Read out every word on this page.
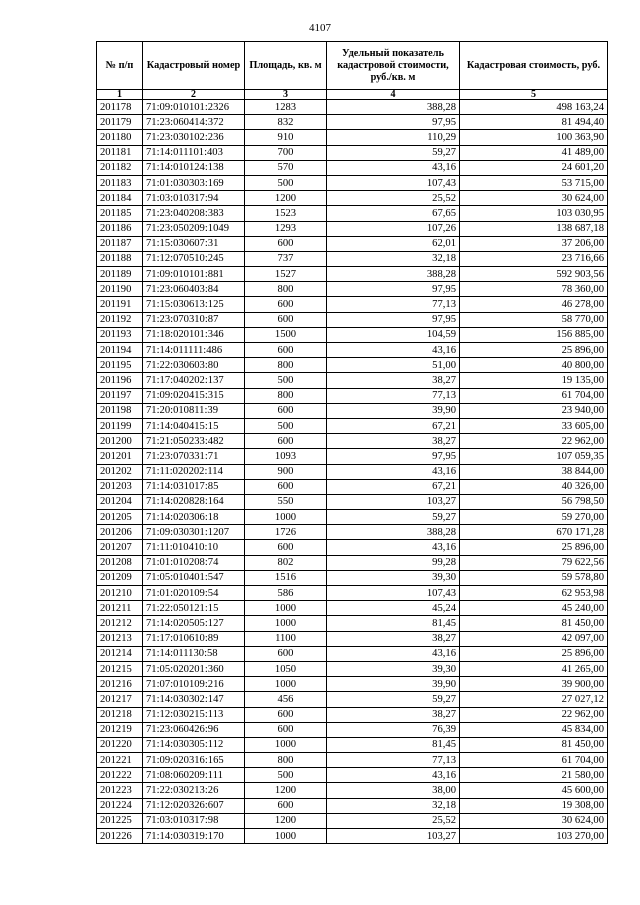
4107
№ п/п	Кадастровый номер	Площадь, кв. м	Удельный показатель кадастровой стоимости, руб./кв. м	Кадастровая стоимость, руб.
1	2	3	4	5
201178	71:09:010101:2326	1283	388,28	498 163,24
201179	71:23:060414:372	832	97,95	81 494,40
201180	71:23:030102:236	910	110,29	100 363,90
201181	71:14:011101:403	700	59,27	41 489,00
201182	71:14:010124:138	570	43,16	24 601,20
201183	71:01:030303:169	500	107,43	53 715,00
201184	71:03:010317:94	1200	25,52	30 624,00
201185	71:23:040208:383	1523	67,65	103 030,95
201186	71:23:050209:1049	1293	107,26	138 687,18
201187	71:15:030607:31	600	62,01	37 206,00
201188	71:12:070510:245	737	32,18	23 716,66
201189	71:09:010101:881	1527	388,28	592 903,56
201190	71:23:060403:84	800	97,95	78 360,00
201191	71:15:030613:125	600	77,13	46 278,00
201192	71:23:070310:87	600	97,95	58 770,00
201193	71:18:020101:346	1500	104,59	156 885,00
201194	71:14:011111:486	600	43,16	25 896,00
201195	71:22:030603:80	800	51,00	40 800,00
201196	71:17:040202:137	500	38,27	19 135,00
201197	71:09:020415:315	800	77,13	61 704,00
201198	71:20:010811:39	600	39,90	23 940,00
201199	71:14:040415:15	500	67,21	33 605,00
201200	71:21:050233:482	600	38,27	22 962,00
201201	71:23:070331:71	1093	97,95	107 059,35
201202	71:11:020202:114	900	43,16	38 844,00
201203	71:14:031017:85	600	67,21	40 326,00
201204	71:14:020828:164	550	103,27	56 798,50
201205	71:14:020306:18	1000	59,27	59 270,00
201206	71:09:030301:1207	1726	388,28	670 171,28
201207	71:11:010410:10	600	43,16	25 896,00
201208	71:01:010208:74	802	99,28	79 622,56
201209	71:05:010401:547	1516	39,30	59 578,80
201210	71:01:020109:54	586	107,43	62 953,98
201211	71:22:050121:15	1000	45,24	45 240,00
201212	71:14:020505:127	1000	81,45	81 450,00
201213	71:17:010610:89	1100	38,27	42 097,00
201214	71:14:011130:58	600	43,16	25 896,00
201215	71:05:020201:360	1050	39,30	41 265,00
201216	71:07:010109:216	1000	39,90	39 900,00
201217	71:14:030302:147	456	59,27	27 027,12
201218	71:12:030215:113	600	38,27	22 962,00
201219	71:23:060426:96	600	76,39	45 834,00
201220	71:14:030305:112	1000	81,45	81 450,00
201221	71:09:020316:165	800	77,13	61 704,00
201222	71:08:060209:111	500	43,16	21 580,00
201223	71:22:030213:26	1200	38,00	45 600,00
201224	71:12:020326:607	600	32,18	19 308,00
201225	71:03:010317:98	1200	25,52	30 624,00
201226	71:14:030319:170	1000	103,27	103 270,00
